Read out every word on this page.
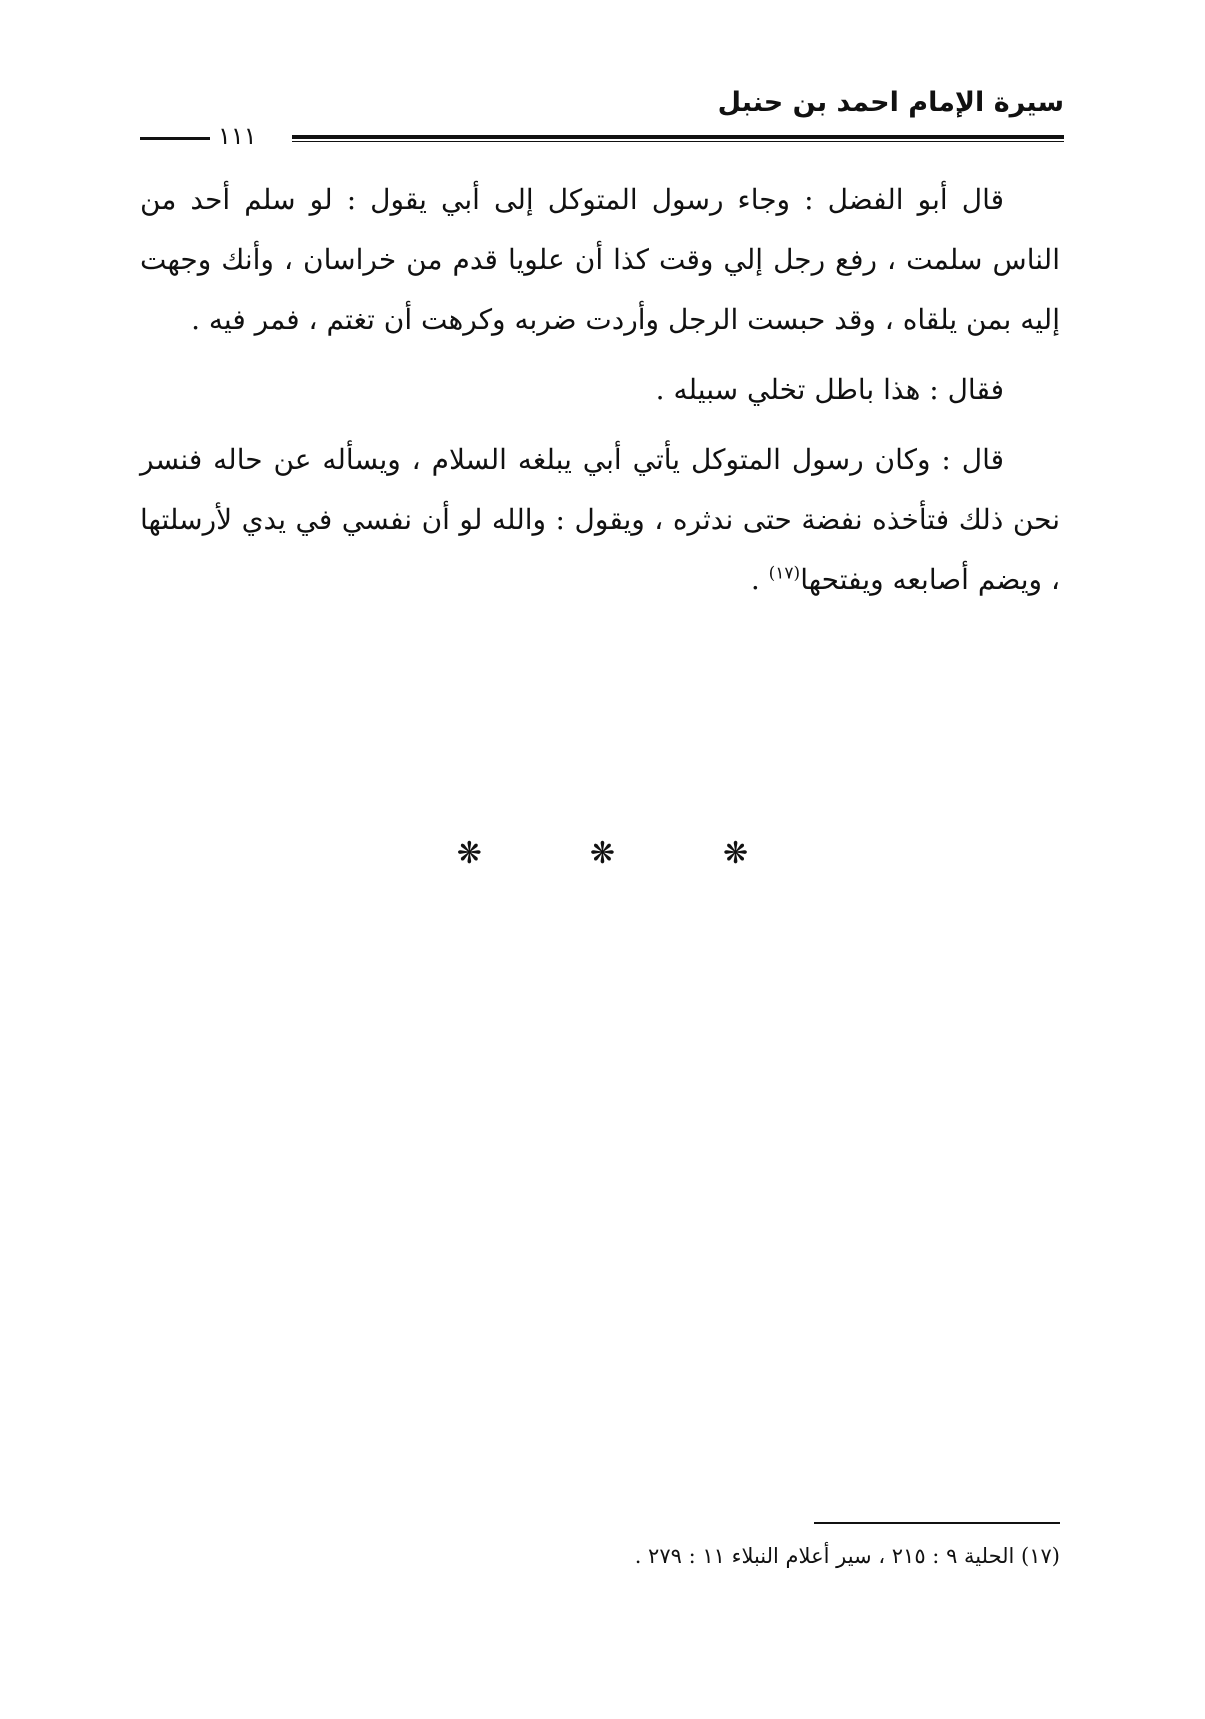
سيرة الإمام احمد بن حنبل
١١١

قال أبو الفضل : وجاء رسول المتوكل إلى أبي يقول : لو سلم أحد من الناس سلمت ، رفع رجل إلي وقت كذا أن علويا قدم من خراسان ، وأنك وجهت إليه بمن يلقاه ، وقد حبست الرجل وأردت ضربه وكرهت أن تغتم ، فمر فيه .

فقال : هذا باطل تخلي سبيله .

قال : وكان رسول المتوكل يأتي أبي يبلغه السلام ، ويسأله عن حاله فنسر نحن ذلك فتأخذه نفضة حتى ندثره ، ويقول : والله لو أن نفسي في يدي لأرسلتها ، ويضم أصابعه ويفتحها$^{(١٧)}$ .

❋❋❋
(١٧) الحلية ٩ : ٢١٥ ، سير أعلام النبلاء ١١ : ٢٧٩ .
